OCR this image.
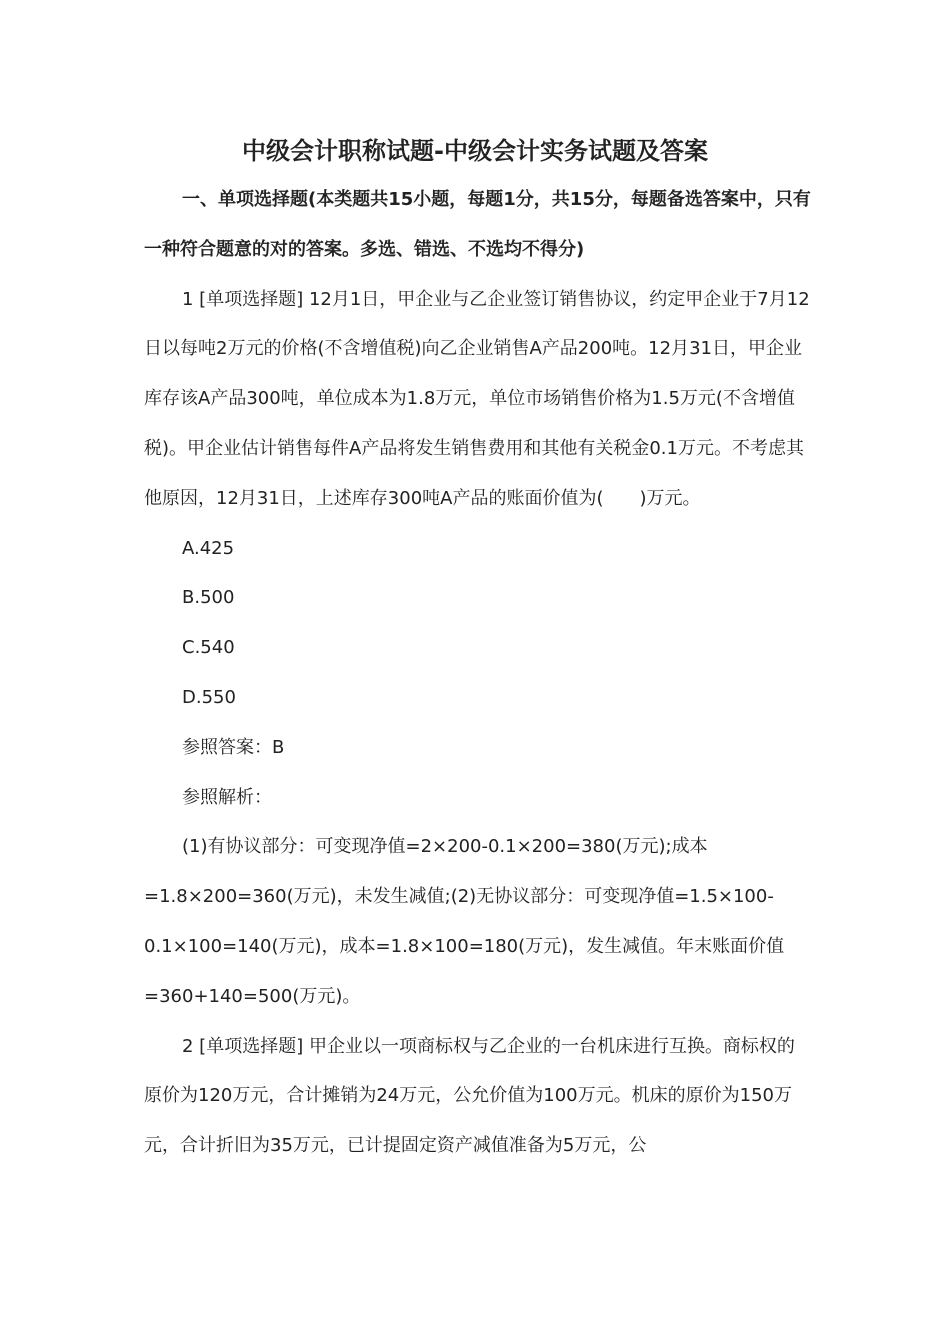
中级会计职称试题-中级会计实务试题及答案

一、单项选择题(本类题共15小题，每题1分，共15分，每题备选答案中，只有一种符合题意的对的答案。多选、错选、不选均不得分)

1 [单项选择题] 12月1日，甲企业与乙企业签订销售协议，约定甲企业于7月12日以每吨2万元的价格(不含增值税)向乙企业销售A产品200吨。12月31日，甲企业库存该A产品300吨，单位成本为1.8万元，单位市场销售价格为1.5万元(不含增值税)。甲企业估计销售每件A产品将发生销售费用和其他有关税金0.1万元。不考虑其他原因，12月31日，上述库存300吨A产品的账面价值为(　　)万元。

A.425

B.500

C.540

D.550

参照答案：B

参照解析：

(1)有协议部分：可变现净值=2×200-0.1×200=380(万元);成本=1.8×200=360(万元)，未发生减值;(2)无协议部分：可变现净值=1.5×100-0.1×100=140(万元)，成本=1.8×100=180(万元)，发生减值。年末账面价值=360+140=500(万元)。

2 [单项选择题] 甲企业以一项商标权与乙企业的一台机床进行互换。商标权的原价为120万元，合计摊销为24万元，公允价值为100万元。机床的原价为150万元，合计折旧为35万元，已计提固定资产减值准备为5万元，公
